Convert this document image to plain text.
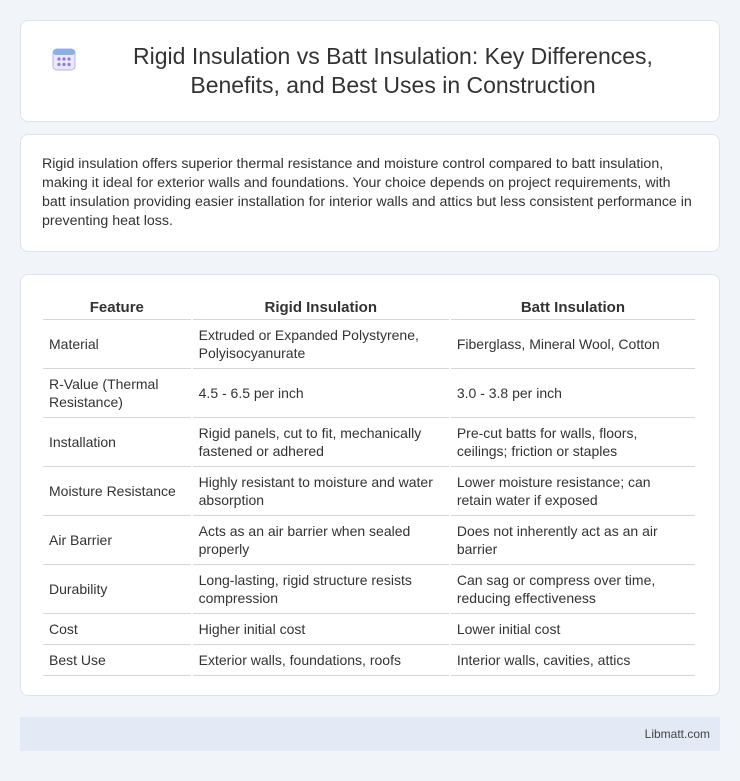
Rigid Insulation vs Batt Insulation: Key Differences, Benefits, and Best Uses in Construction

Rigid insulation offers superior thermal resistance and moisture control compared to batt insulation, making it ideal for exterior walls and foundations. Your choice depends on project requirements, with batt insulation providing easier installation for interior walls and attics but less consistent performance in preventing heat loss.

Feature	Rigid Insulation	Batt Insulation
Material	Extruded or Expanded Polystyrene, Polyisocyanurate	Fiberglass, Mineral Wool, Cotton
R-Value (Thermal Resistance)	4.5 - 6.5 per inch	3.0 - 3.8 per inch
Installation	Rigid panels, cut to fit, mechanically fastened or adhered	Pre-cut batts for walls, floors, ceilings; friction or staples
Moisture Resistance	Highly resistant to moisture and water absorption	Lower moisture resistance; can retain water if exposed
Air Barrier	Acts as an air barrier when sealed properly	Does not inherently act as an air barrier
Durability	Long-lasting, rigid structure resists compression	Can sag or compress over time, reducing effectiveness
Cost	Higher initial cost	Lower initial cost
Best Use	Exterior walls, foundations, roofs	Interior walls, cavities, attics
Libmatt.com
